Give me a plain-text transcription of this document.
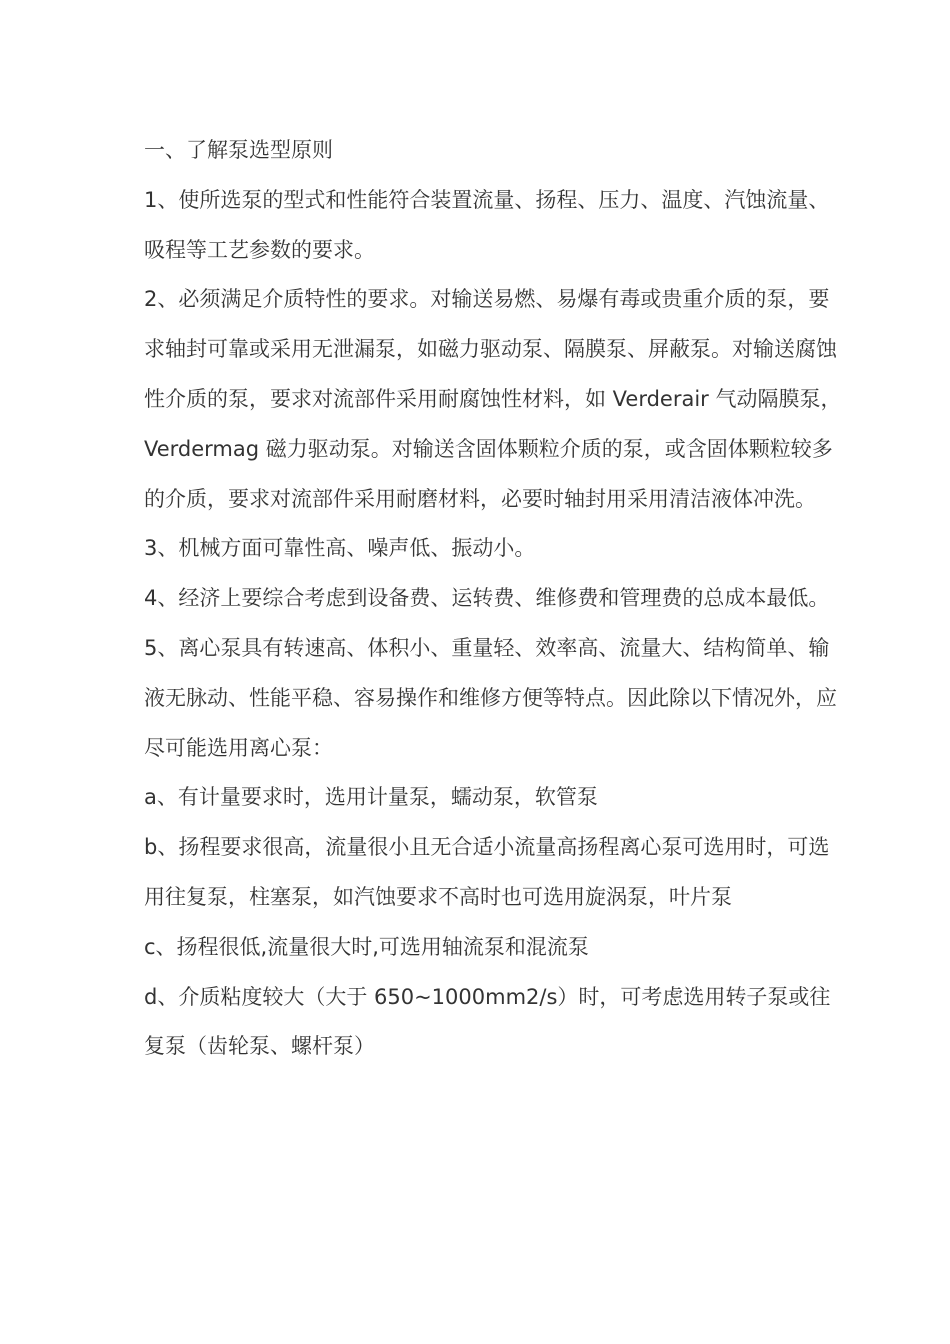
一、了解泵选型原则

1、使所选泵的型式和性能符合装置流量、扬程、压力、温度、汽蚀流量、吸程等工艺参数的要求。

2、必须满足介质特性的要求。对输送易燃、易爆有毒或贵重介质的泵，要求轴封可靠或采用无泄漏泵，如磁力驱动泵、隔膜泵、屏蔽泵。对输送腐蚀性介质的泵，要求对流部件采用耐腐蚀性材料，如 Verderair 气动隔膜泵，Verdermag 磁力驱动泵。对输送含固体颗粒介质的泵，或含固体颗粒较多的介质，要求对流部件采用耐磨材料，必要时轴封用采用清洁液体冲洗。

3、机械方面可靠性高、噪声低、振动小。

4、经济上要综合考虑到设备费、运转费、维修费和管理费的总成本最低。

5、离心泵具有转速高、体积小、重量轻、效率高、流量大、结构简单、输液无脉动、性能平稳、容易操作和维修方便等特点。因此除以下情况外，应尽可能选用离心泵：

a、有计量要求时，选用计量泵，蠕动泵，软管泵

b、扬程要求很高，流量很小且无合适小流量高扬程离心泵可选用时，可选用往复泵，柱塞泵，如汽蚀要求不高时也可选用旋涡泵，叶片泵

c、扬程很低,流量很大时,可选用轴流泵和混流泵

d、介质粘度较大（大于 650~1000mm2/s）时，可考虑选用转子泵或往复泵（齿轮泵、螺杆泵）
